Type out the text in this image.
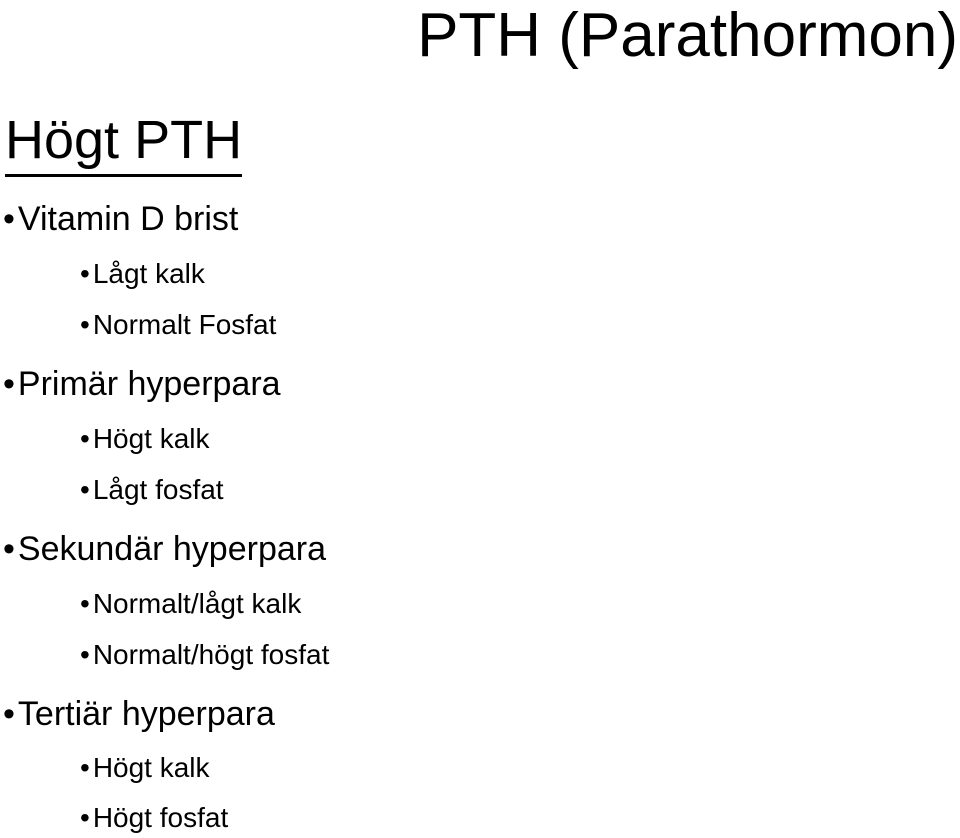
PTH (Parathormon)
Högt PTH
•Vitamin D brist
• Lågt kalk
• Normalt Fosfat
•Primär hyperpara
• Högt kalk
• Lågt fosfat
•Sekundär hyperpara
• Normalt/lågt kalk
• Normalt/högt fosfat
•Tertiär hyperpara
• Högt kalk
• Högt fosfat
